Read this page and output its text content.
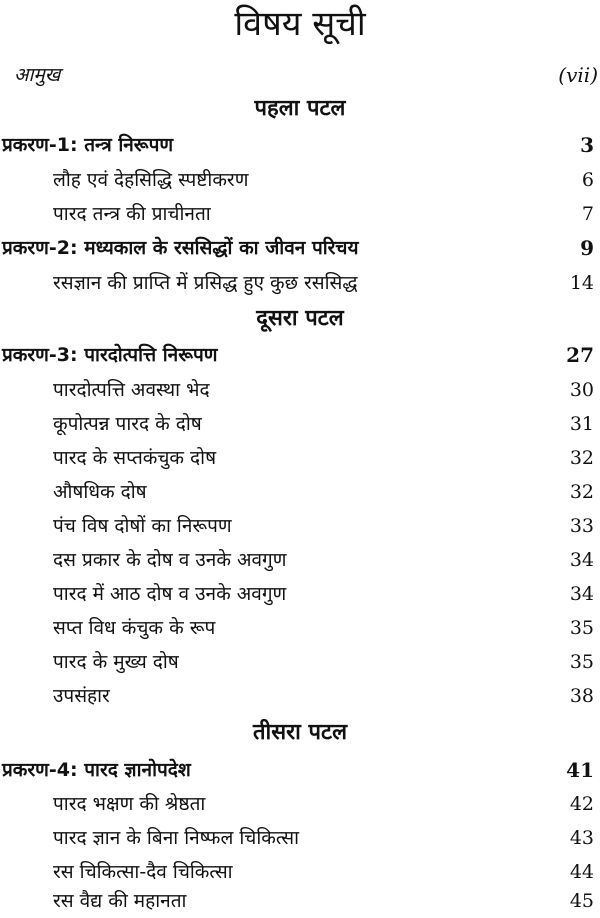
विषय सूची
आमुख	(vii)
पहला पटल
प्रकरण-1: तन्त्र निरूपण	3
लौह एवं देहसिद्धि स्पष्टीकरण	6
पारद तन्त्र की प्राचीनता	7
प्रकरण-2: मध्यकाल के रससिद्धों का जीवन परिचय	9
रसज्ञान की प्राप्ति में प्रसिद्ध हुए कुछ रससिद्ध	14
दूसरा पटल
प्रकरण-3: पारदोत्पत्ति निरूपण	27
पारदोत्पत्ति अवस्था भेद	30
कूपोत्पन्न पारद के दोष	31
पारद के सप्तकंचुक दोष	32
औषधिक दोष	32
पंच विष दोषों का निरूपण	33
दस प्रकार के दोष व उनके अवगुण	34
पारद में आठ दोष व उनके अवगुण	34
सप्त विध कंचुक के रूप	35
पारद के मुख्य दोष	35
उपसंहार	38
तीसरा पटल
प्रकरण-4: पारद ज्ञानोपदेश	41
पारद भक्षण की श्रेष्ठता	42
पारद ज्ञान के बिना निष्फल चिकित्सा	43
रस चिकित्सा-दैव चिकित्सा	44
रस वैद्य की महानता	45
